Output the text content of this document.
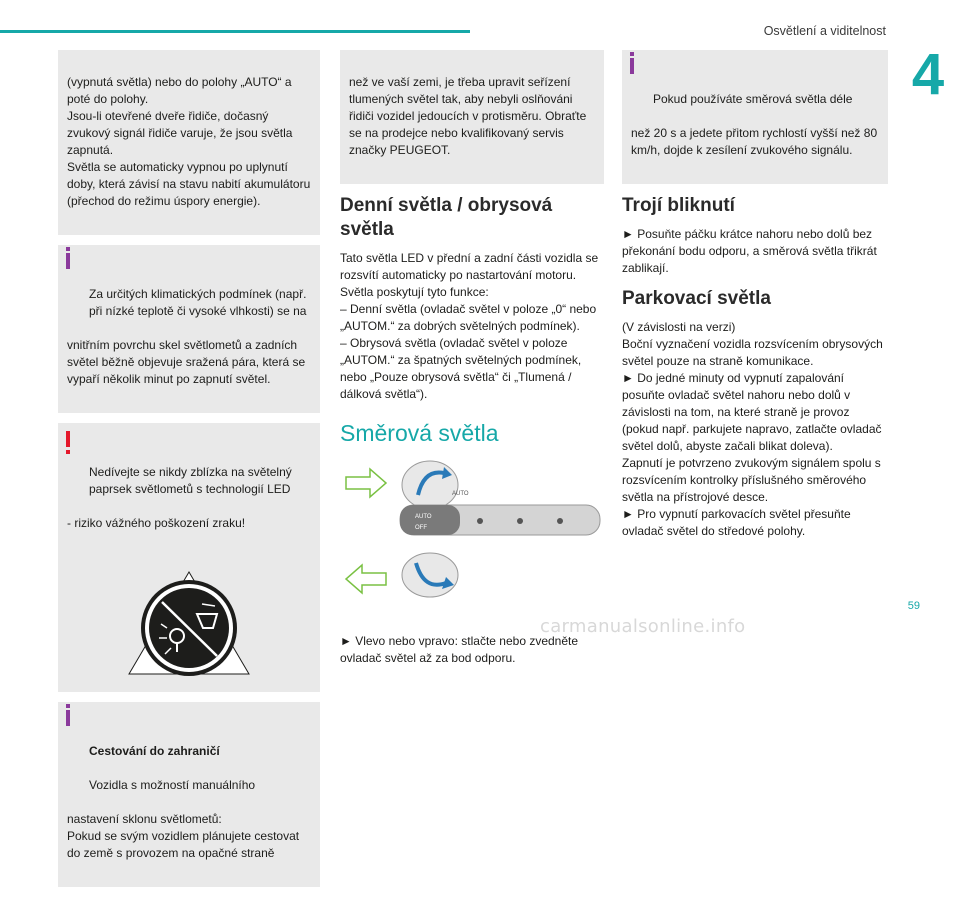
Osvětlení a viditelnost
4

(vypnutá světla) nebo do polohy „AUTO“ a poté do polohy.
Jsou-li otevřené dveře řidiče, dočasný zvukový signál řidiče varuje, že jsou světla zapnutá.
Světla se automaticky vypnou po uplynutí doby, která závisí na stavu nabití akumulátoru (přechod do režimu úspory energie).

Za určitých klimatických podmínek (např. při nízké teplotě či vysoké vlhkosti) se na

vnitřním povrchu skel světlometů a zadních světel běžně objevuje sražená pára, která se vypaří několik minut po zapnutí světel.

Nedívejte se nikdy zblízka na světelný paprsek světlometů s technologií LED

- riziko vážného poškození zraku!

Cestování do zahraničí

Vozidla s možností manuálního

nastavení sklonu světlometů:
Pokud se svým vozidlem plánujete cestovat do země s provozem na opačné straně

než ve vaší zemi, je třeba upravit seřízení tlumených světel tak, aby nebyli oslňováni řidiči vozidel jedoucích v protisměru. Obraťte se na prodejce nebo kvalifikovaný servis značky PEUGEOT.

Denní světla / obrysová světla
Tato světla LED v přední a zadní části vozidla se rozsvítí automaticky po nastartování motoru.
Světla poskytují tyto funkce:
– Denní světla (ovladač světel v poloze „0“ nebo „AUTOM.“ za dobrých světelných podmínek).
– Obrysová světla (ovladač světel v poloze „AUTOM.“ za špatných světelných podmínek, nebo „Pouze obrysová světla“ či „Tlumená / dálková světla“).
Směrová světla
AUTO
OFF
AUTO
► Vlevo nebo vpravo: stlačte nebo zvedněte ovladač světel až za bod odporu.

Pokud používáte směrová světla déle

než 20 s a jedete přitom rychlostí vyšší než 80 km/h, dojde k zesílení zvukového signálu.

Trojí bliknutí
► Posuňte páčku krátce nahoru nebo dolů bez překonání bodu odporu, a směrová světla třikrát zablikají.
Parkovací světla
(V závislosti na verzi)
Boční vyznačení vozidla rozsvícením obrysových světel pouze na straně komunikace.
► Do jedné minuty od vypnutí zapalování posuňte ovladač světel nahoru nebo dolů v závislosti na tom, na které straně je provoz (pokud např. parkujete napravo, zatlačte ovladač světel dolů, abyste začali blikat doleva).
Zapnutí je potvrzeno zvukovým signálem spolu s rozsvícením kontrolky příslušného směrového světla na přístrojové desce.
► Pro vypnutí parkovacích světel přesuňte ovladač světel do středové polohy.
59
carmanualsonline.info
